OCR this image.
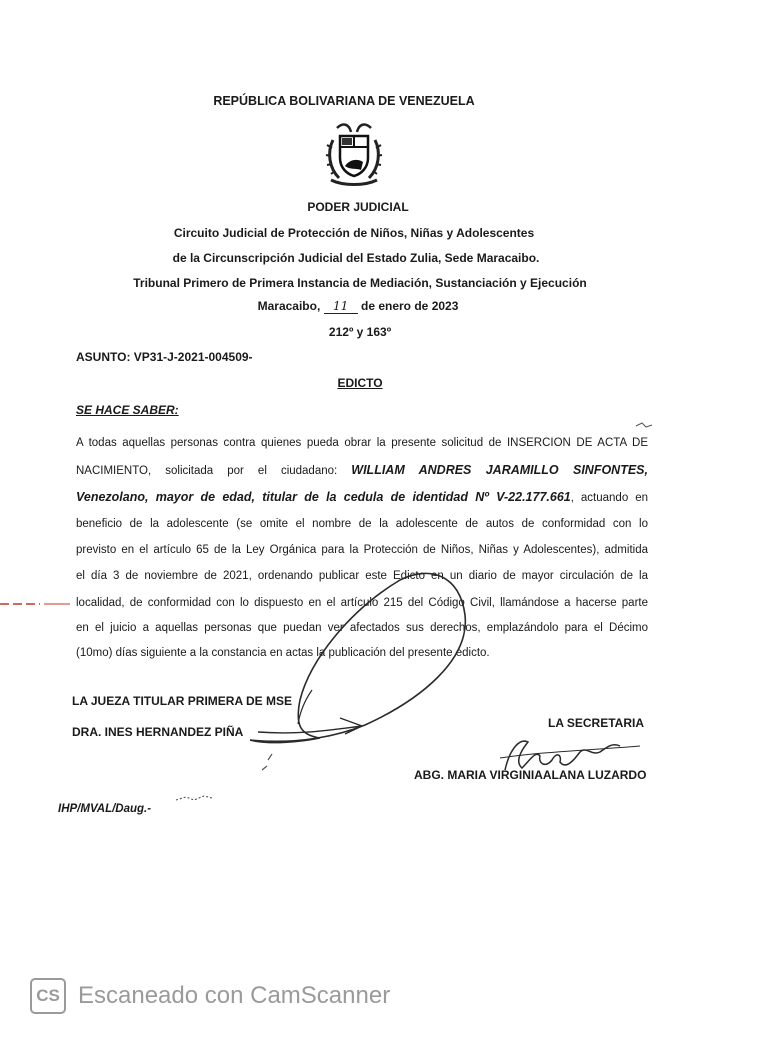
REPÚBLICA BOLIVARIANA DE VENEZUELA
PODER JUDICIAL
Circuito Judicial de Protección de Niños, Niñas y Adolescentes
de la Circunscripción Judicial del Estado Zulia, Sede Maracaibo.
Tribunal Primero de Primera Instancia de Mediación, Sustanciación y Ejecución
Maracaibo, 11 de enero de 2023
212º y 163º
ASUNTO: VP31-J-2021-004509-
EDICTO
SE HACE SABER:
A todas aquellas personas contra quienes pueda obrar la presente solicitud de INSERCION DE ACTA DE
NACIMIENTO, solicitada por el ciudadano: WILLIAM ANDRES JARAMILLO SINFONTES,
Venezolano, mayor de edad, titular de la cedula de identidad Nº V-22.177.661, actuando en
beneficio de la adolescente (se omite el nombre de la adolescente de autos de conformidad con lo
previsto en el artículo 65 de la Ley Orgánica para la Protección de Niños, Niñas y Adolescentes), admitida
el día 3 de noviembre de 2021, ordenando publicar este Edicto en un diario de mayor circulación de la
localidad, de conformidad con lo dispuesto en el artículo 215 del Código Civil, llamándose a hacerse parte
en el juicio a aquellas personas que puedan ver afectados sus derechos, emplazándolo para el Décimo
(10mo) días siguiente a la constancia en actas la publicación del presente edicto.
LA JUEZA TITULAR PRIMERA DE MSE
DRA. INES HERNANDEZ PIÑA
LA SECRETARIA
ABG. MARIA VIRGINIAALANA LUZARDO
IHP/MVAL/Daug.-
CS Escaneado con CamScanner
